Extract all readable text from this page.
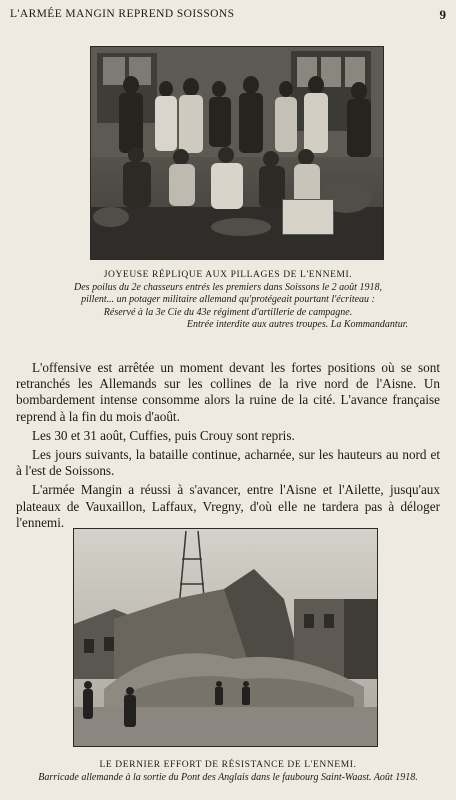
L'ARMÉE MANGIN REPREND SOISSONS	9
JOYEUSE RÉPLIQUE AUX PILLAGES DE L'ENNEMI.
Des poilus du 2e chasseurs entrés les premiers dans Soissons le 2 août 1918,
pillent... un potager militaire allemand qu'protégeait pourtant l'écriteau :
Réservé à la 3e Cie du 43e régiment d'artillerie de campagne.
Entrée interdite aux autres troupes. La Kommandantur.

L'offensive est arrêtée un moment devant les fortes positions où se sont retranchés les Allemands sur les collines de la rive nord de l'Aisne. Un bombardement intense consomme alors la ruine de la cité. L'avance française reprend à la fin du mois d'août.

Les 30 et 31 août, Cuffies, puis Crouy sont repris.

Les jours suivants, la bataille continue, acharnée, sur les hauteurs au nord et à l'est de Soissons.

L'armée Mangin a réussi à s'avancer, entre l'Aisne et l'Ailette, jusqu'aux plateaux de Vauxaillon, Laffaux, Vregny, d'où elle ne tardera pas à déloger l'ennemi.

LE DERNIER EFFORT DE RÉSISTANCE DE L'ENNEMI.
Barricade allemande à la sortie du Pont des Anglais dans le faubourg Saint-Waast. Août 1918.
